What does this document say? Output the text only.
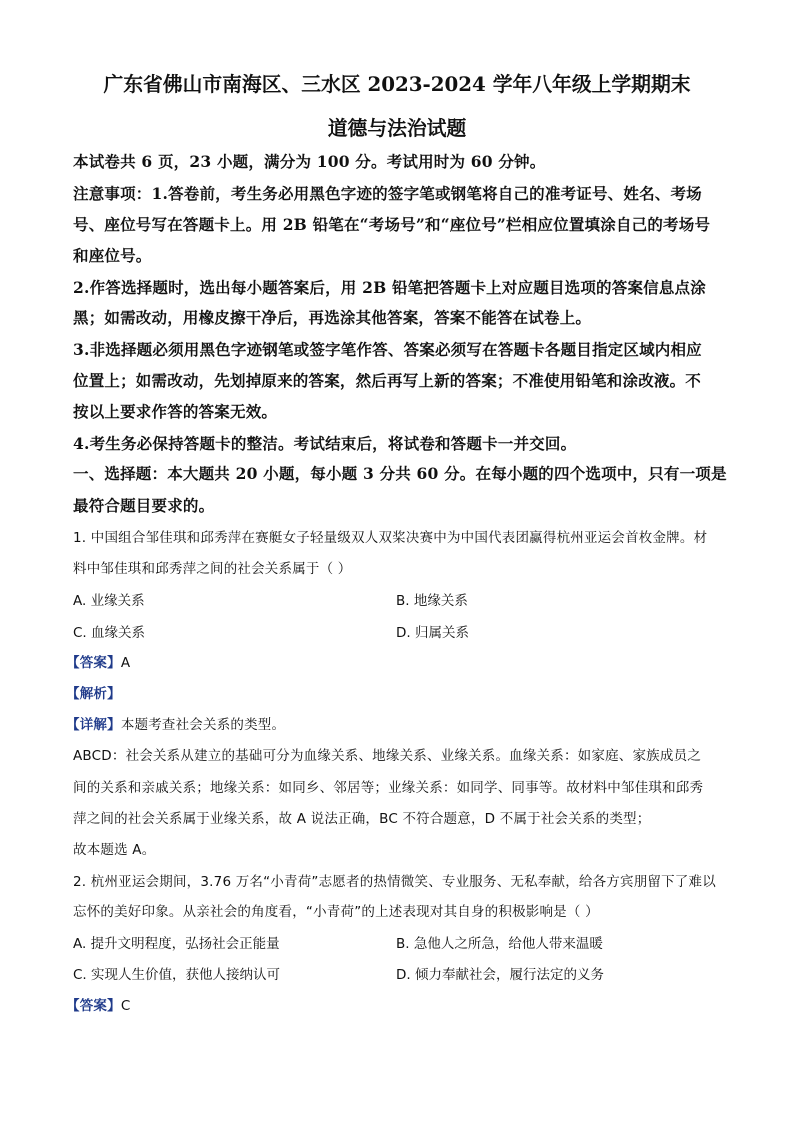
广东省佛山市南海区、三水区 2023-2024 学年八年级上学期期末
道德与法治试题
本试卷共 6 页，23 小题，满分为 100 分。考试用时为 60 分钟。
注意事项：1.答卷前，考生务必用黑色字迹的签字笔或钢笔将自己的准考证号、姓名、考场
号、座位号写在答题卡上。用 2B 铅笔在“考场号”和“座位号”栏相应位置填涂自己的考场号
和座位号。
2.作答选择题时，选出每小题答案后，用 2B 铅笔把答题卡上对应题目选项的答案信息点涂
黑；如需改动，用橡皮擦干净后，再选涂其他答案，答案不能答在试卷上。
3.非选择题必须用黑色字迹钢笔或签字笔作答、答案必须写在答题卡各题目指定区域内相应
位置上；如需改动，先划掉原来的答案，然后再写上新的答案；不准使用铅笔和涂改液。不
按以上要求作答的答案无效。
4.考生务必保持答题卡的整洁。考试结束后，将试卷和答题卡一并交回。
一、选择题：本大题共 20 小题，每小题 3 分共 60 分。在每小题的四个选项中，只有一项是
最符合题目要求的。
1. 中国组合邹佳琪和邱秀萍在赛艇女子轻量级双人双桨决赛中为中国代表团赢得杭州亚运会首枚金牌。材
料中邹佳琪和邱秀萍之间的社会关系属于（ ）
A. 业缘关系	B. 地缘关系
C. 血缘关系	D. 归属关系
【答案】A
【解析】
【详解】本题考查社会关系的类型。
ABCD：社会关系从建立的基础可分为血缘关系、地缘关系、业缘关系。血缘关系：如家庭、家族成员之
间的关系和亲戚关系；地缘关系：如同乡、邻居等；业缘关系：如同学、同事等。故材料中邹佳琪和邱秀
萍之间的社会关系属于业缘关系，故 A 说法正确，BC 不符合题意，D 不属于社会关系的类型；
故本题选 A。
2. 杭州亚运会期间，3.76 万名“小青荷”志愿者的热情微笑、专业服务、无私奉献，给各方宾朋留下了难以
忘怀的美好印象。从亲社会的角度看，“小青荷”的上述表现对其自身的积极影响是（ ）
A. 提升文明程度，弘扬社会正能量	B. 急他人之所急，给他人带来温暖
C. 实现人生价值，获他人接纳认可	D. 倾力奉献社会，履行法定的义务
【答案】C
